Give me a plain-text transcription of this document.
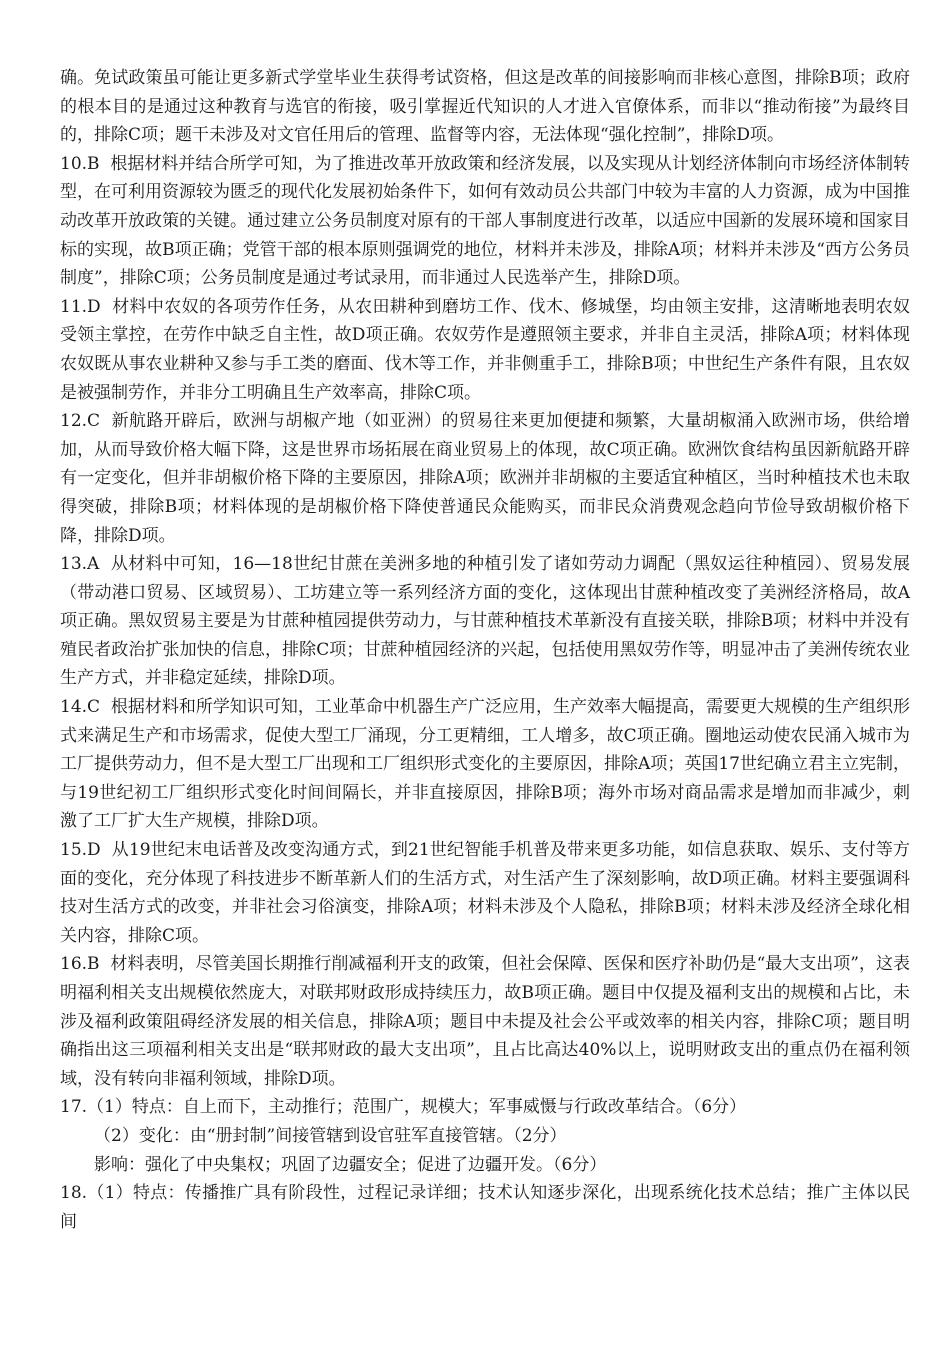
确。免试政策虽可能让更多新式学堂毕业生获得考试资格，但这是改革的间接影响而非核心意图，排除B项；政府的根本目的是通过这种教育与选官的衔接，吸引掌握近代知识的人才进入官僚体系，而非以“推动衔接”为最终目的，排除C项；题干未涉及对文官任用后的管理、监督等内容，无法体现“强化控制”，排除D项。

10.B 根据材料并结合所学可知，为了推进改革开放政策和经济发展，以及实现从计划经济体制向市场经济体制转型，在可利用资源较为匮乏的现代化发展初始条件下，如何有效动员公共部门中较为丰富的人力资源，成为中国推动改革开放政策的关键。通过建立公务员制度对原有的干部人事制度进行改革，以适应中国新的发展环境和国家目标的实现，故B项正确；党管干部的根本原则强调党的地位，材料并未涉及，排除A项；材料并未涉及“西方公务员制度”，排除C项；公务员制度是通过考试录用，而非通过人民选举产生，排除D项。

11.D 材料中农奴的各项劳作任务，从农田耕种到磨坊工作、伐木、修城堡，均由领主安排，这清晰地表明农奴受领主掌控，在劳作中缺乏自主性，故D项正确。农奴劳作是遵照领主要求，并非自主灵活，排除A项；材料体现农奴既从事农业耕种又参与手工类的磨面、伐木等工作，并非侧重手工，排除B项；中世纪生产条件有限，且农奴是被强制劳作，并非分工明确且生产效率高，排除C项。

12.C 新航路开辟后，欧洲与胡椒产地（如亚洲）的贸易往来更加便捷和频繁，大量胡椒涌入欧洲市场，供给增加，从而导致价格大幅下降，这是世界市场拓展在商业贸易上的体现，故C项正确。欧洲饮食结构虽因新航路开辟有一定变化，但并非胡椒价格下降的主要原因，排除A项；欧洲并非胡椒的主要适宜种植区，当时种植技术也未取得突破，排除B项；材料体现的是胡椒价格下降使普通民众能购买，而非民众消费观念趋向节俭导致胡椒价格下降，排除D项。

13.A 从材料中可知，16—18世纪甘蔗在美洲多地的种植引发了诸如劳动力调配（黑奴运往种植园）、贸易发展（带动港口贸易、区域贸易）、工坊建立等一系列经济方面的变化，这体现出甘蔗种植改变了美洲经济格局，故A项正确。黑奴贸易主要是为甘蔗种植园提供劳动力，与甘蔗种植技术革新没有直接关联，排除B项；材料中并没有殖民者政治扩张加快的信息，排除C项；甘蔗种植园经济的兴起，包括使用黑奴劳作等，明显冲击了美洲传统农业生产方式，并非稳定延续，排除D项。

14.C 根据材料和所学知识可知，工业革命中机器生产广泛应用，生产效率大幅提高，需要更大规模的生产组织形式来满足生产和市场需求，促使大型工厂涌现，分工更精细，工人增多，故C项正确。圈地运动使农民涌入城市为工厂提供劳动力，但不是大型工厂出现和工厂组织形式变化的主要原因，排除A项；英国17世纪确立君主立宪制，与19世纪初工厂组织形式变化时间间隔长，并非直接原因，排除B项；海外市场对商品需求是增加而非减少，刺激了工厂扩大生产规模，排除D项。

15.D 从19世纪末电话普及改变沟通方式，到21世纪智能手机普及带来更多功能，如信息获取、娱乐、支付等方面的变化，充分体现了科技进步不断革新人们的生活方式，对生活产生了深刻影响，故D项正确。材料主要强调科技对生活方式的改变，并非社会习俗演变，排除A项；材料未涉及个人隐私，排除B项；材料未涉及经济全球化相关内容，排除C项。

16.B 材料表明，尽管美国长期推行削减福利开支的政策，但社会保障、医保和医疗补助仍是“最大支出项”，这表明福利相关支出规模依然庞大，对联邦财政形成持续压力，故B项正确。题目中仅提及福利支出的规模和占比，未涉及福利政策阻碍经济发展的相关信息，排除A项；题目中未提及社会公平或效率的相关内容，排除C项；题目明确指出这三项福利相关支出是“联邦财政的最大支出项”，且占比高达40%以上，说明财政支出的重点仍在福利领域，没有转向非福利领域，排除D项。

17.（1）特点：自上而下，主动推行；范围广，规模大；军事威慑与行政改革结合。（6分）

（2）变化：由“册封制”间接管辖到设官驻军直接管辖。（2分）

影响：强化了中央集权；巩固了边疆安全；促进了边疆开发。（6分）

18.（1）特点：传播推广具有阶段性，过程记录详细；技术认知逐步深化，出现系统化技术总结；推广主体以民间
